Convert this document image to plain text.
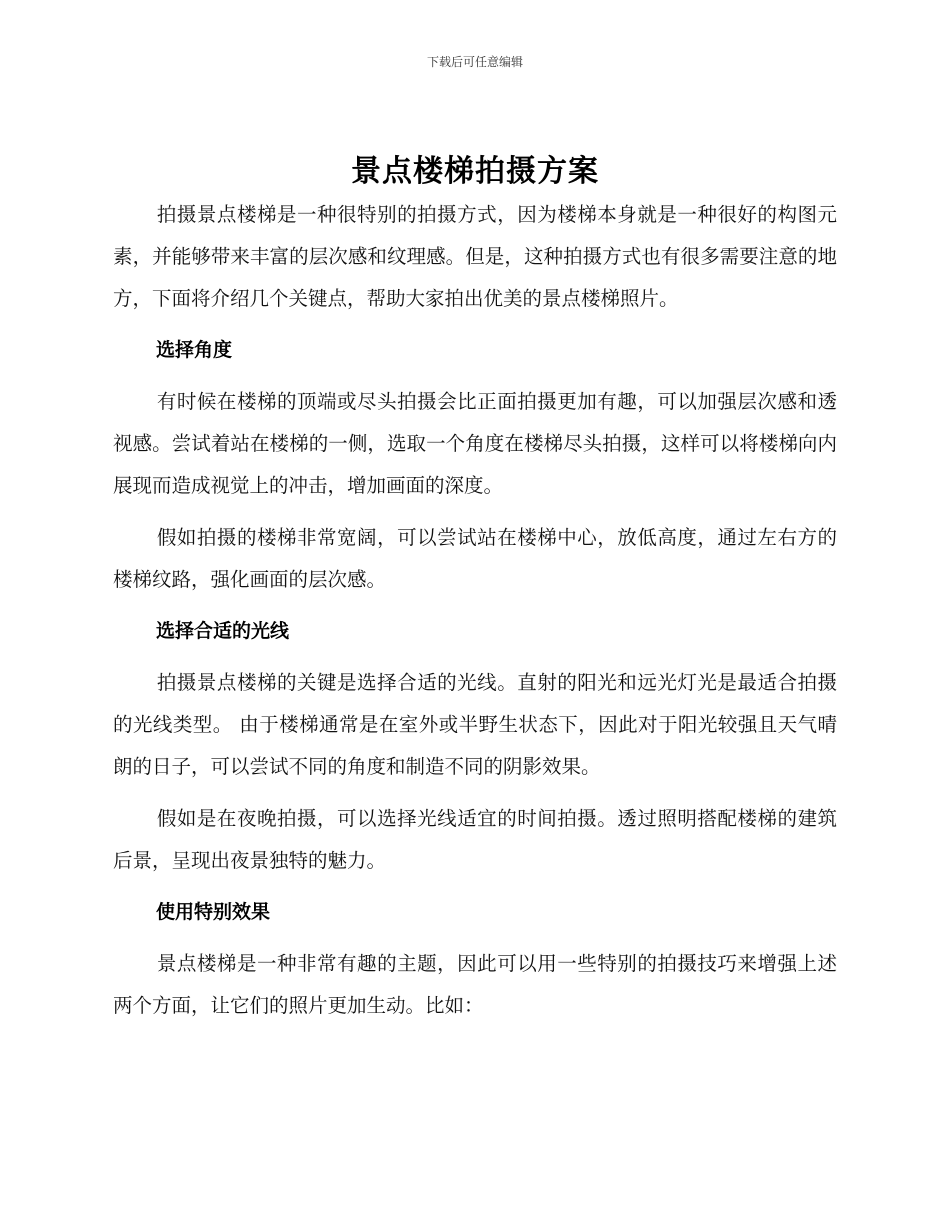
下载后可任意编辑
景点楼梯拍摄方案

拍摄景点楼梯是一种很特别的拍摄方式，因为楼梯本身就是一种很好的构图元素，并能够带来丰富的层次感和纹理感。但是，这种拍摄方式也有很多需要注意的地方，下面将介绍几个关键点，帮助大家拍出优美的景点楼梯照片。

选择角度

有时候在楼梯的顶端或尽头拍摄会比正面拍摄更加有趣，可以加强层次感和透视感。尝试着站在楼梯的一侧，选取一个角度在楼梯尽头拍摄，这样可以将楼梯向内展现而造成视觉上的冲击，增加画面的深度。

假如拍摄的楼梯非常宽阔，可以尝试站在楼梯中心，放低高度，通过左右方的楼梯纹路，强化画面的层次感。

选择合适的光线

拍摄景点楼梯的关键是选择合适的光线。直射的阳光和远光灯光是最适合拍摄的光线类型。 由于楼梯通常是在室外或半野生状态下，因此对于阳光较强且天气晴朗的日子，可以尝试不同的角度和制造不同的阴影效果。

假如是在夜晚拍摄，可以选择光线适宜的时间拍摄。透过照明搭配楼梯的建筑后景，呈现出夜景独特的魅力。

使用特别效果

景点楼梯是一种非常有趣的主题，因此可以用一些特别的拍摄技巧来增强上述两个方面，让它们的照片更加生动。比如：
